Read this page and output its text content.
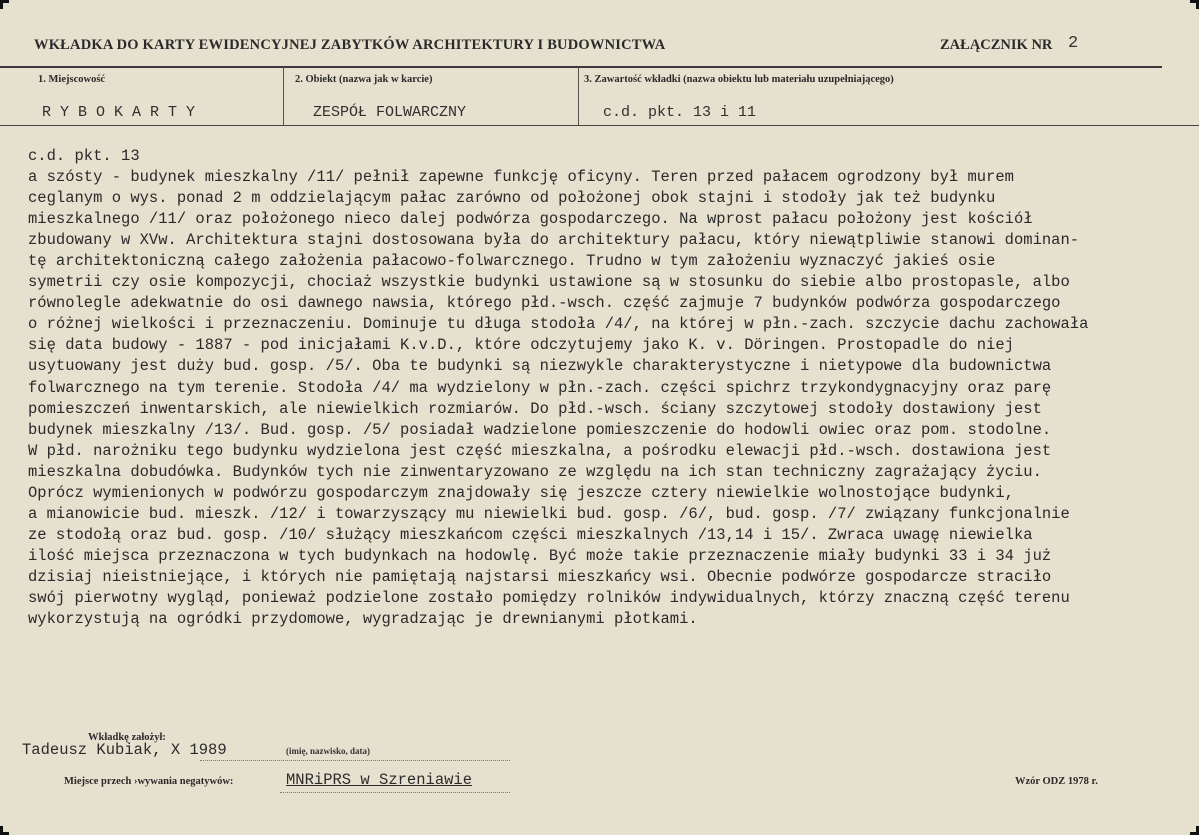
WKŁADKA DO KARTY EWIDENCYJNEJ ZABYTKÓW ARCHITEKTURY I BUDOWNICTWA	ZAŁĄCZNIK NR 2
1. Miejscowość
R Y B O K A R T Y
2. Obiekt (nazwa jak w karcie)
ZESPÓŁ FOLWARCZNY
3. Zawartość wkładki (nazwa obiektu lub materiału uzupełniającego)
c.d. pkt. 13 i 11
c.d. pkt. 13
a szósty - budynek mieszkalny /11/ pełnił zapewne funkcję oficyny. Teren przed pałacem ogrodzony był murem
ceglanym o wys. ponad 2 m oddzielającym pałac zarówno od położonej obok stajni i stodoły jak też budynku
mieszkalnego /11/ oraz położonego nieco dalej podwórza gospodarczego. Na wprost pałacu położony jest kościół
zbudowany w XVw. Architektura stajni dostosowana była do architektury pałacu, który niewątpliwie stanowi dominan-
tę architektoniczną całego założenia pałacowo-folwarcznego. Trudno w tym założeniu wyznaczyć jakieś osie
symetrii czy osie kompozycji, chociaż wszystkie budynki ustawione są w stosunku do siebie albo prostopasle, albo
równolegle adekwatnie do osi dawnego nawsia, którego płd.-wsch. część zajmuje 7 budynków podwórza gospodarczego
o różnej wielkości i przeznaczeniu. Dominuje tu długa stodoła /4/, na której w płn.-zach. szczycie dachu zachowała
się data budowy - 1887 - pod inicjałami K.v.D., które odczytujemy jako K. v. Döringen. Prostopadle do niej
usytuowany jest duży bud. gosp. /5/. Oba te budynki są niezwykle charakterystyczne i nietypowe dla budownictwa
folwarcznego na tym terenie. Stodoła /4/ ma wydzielony w płn.-zach. części spichrz trzykondygnacyjny oraz parę
pomieszczeń inwentarskich, ale niewielkich rozmiarów. Do płd.-wsch. ściany szczytowej stodoły dostawiony jest
budynek mieszkalny /13/. Bud. gosp. /5/ posiadał wadzielone pomieszczenie do hodowli owiec oraz pom. stodolne.
W płd. narożniku tego budynku wydzielona jest część mieszkalna, a pośrodku elewacji płd.-wsch. dostawiona jest
mieszkalna dobudówka. Budynków tych nie zinwentaryzowano ze względu na ich stan techniczny zagrażający życiu.
Oprócz wymienionych w podwórzu gospodarczym znajdowały się jeszcze cztery niewielkie wolnostojące budynki,
a mianowicie bud. mieszk. /12/ i towarzyszący mu niewielki bud. gosp. /6/, bud. gosp. /7/ związany funkcjonalnie
ze stodołą oraz bud. gosp. /10/ służący mieszkańcom części mieszkalnych /13,14 i 15/. Zwraca uwagę niewielka
ilość miejsca przeznaczona w tych budynkach na hodowlę. Być może takie przeznaczenie miały budynki 33 i 34 już
dzisiaj nieistniejące, i których nie pamiętają najstarsi mieszkańcy wsi. Obecnie podwórze gospodarcze straciło
swój pierwotny wygląd, ponieważ podzielone zostało pomiędzy rolników indywidualnych, którzy znaczną część terenu
wykorzystują na ogródki przydomowe, wygradzając je drewnianymi płotkami.
Wkładkę założył:
Tadeusz Kubiak, X 1989	(imię, nazwisko, data)
Miejsce przech ›wywania negatywów:	MNRiPRS w Szreniawie	Wzór ODZ 1978 r.
